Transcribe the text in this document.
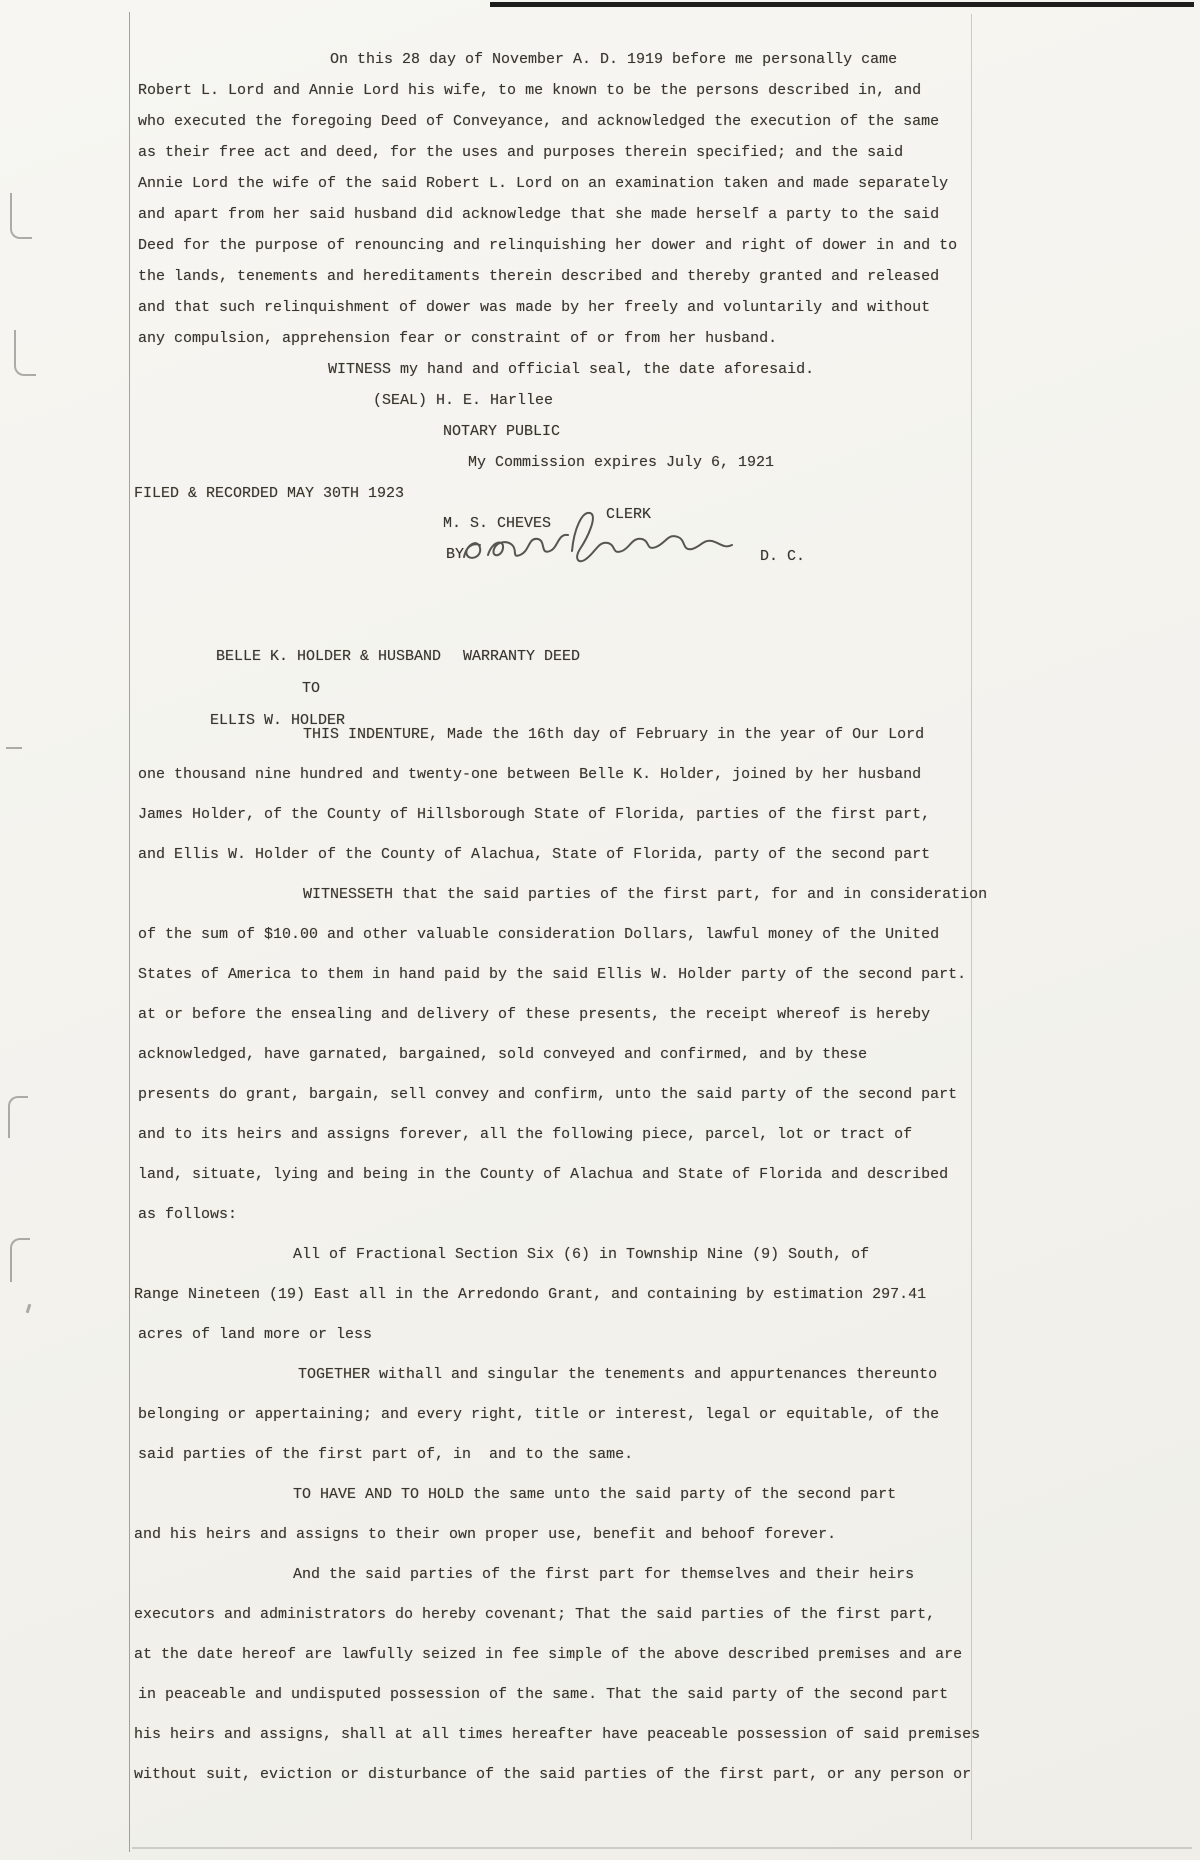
On this 28 day of November A. D. 1919 before me personally came
Robert L. Lord and Annie Lord his wife, to me known to be the persons described in, and
who executed the foregoing Deed of Conveyance, and acknowledged the execution of the same
as their free act and deed, for the uses and purposes therein specified; and the said
Annie Lord the wife of the said Robert L. Lord on an examination taken and made separately
and apart from her said husband did acknowledge that she made herself a party to the said
Deed for the purpose of renouncing and relinquishing her dower and right of dower in and to
the lands, tenements and hereditaments therein described and thereby granted and released
and that such relinquishment of dower was made by her freely and voluntarily and without
any compulsion, apprehension fear or constraint of or from her husband.
WITNESS my hand and official seal, the date aforesaid.
(SEAL) H. E. Harllee
NOTARY PUBLIC
My Commission expires July 6, 1921
FILED & RECORDED MAY 30TH 1923
M. S. CHEVES
CLERK
BY	D. C.

BELLE K. HOLDER & HUSBAND

TO

WARRANTY DEED

ELLIS W. HOLDER

THIS INDENTURE, Made the 16th day of February in the year of Our Lord
one thousand nine hundred and twenty-one between Belle K. Holder, joined by her husband
James Holder, of the County of Hillsborough State of Florida, parties of the first part,
and Ellis W. Holder of the County of Alachua, State of Florida, party of the second part
WITNESSETH that the said parties of the first part, for and in consideration
of the sum of $10.00 and other valuable consideration Dollars, lawful money of the United
States of America to them in hand paid by the said Ellis W. Holder party of the second part.
at or before the ensealing and delivery of these presents, the receipt whereof is hereby
acknowledged, have garnated, bargained, sold conveyed and confirmed, and by these
presents do grant, bargain, sell convey and confirm, unto the said party of the second part
and to its heirs and assigns forever, all the following piece, parcel, lot or tract of
land, situate, lying and being in the County of Alachua and State of Florida and described
as follows:
All of Fractional Section Six (6) in Township Nine (9) South, of
Range Nineteen (19) East all in the Arredondo Grant, and containing by estimation 297.41
acres of land more or less
TOGETHER withall and singular the tenements and appurtenances thereunto
belonging or appertaining; and every right, title or interest, legal or equitable, of the
said parties of the first part of, in  and to the same.
TO HAVE AND TO HOLD the same unto the said party of the second part
and his heirs and assigns to their own proper use, benefit and behoof forever.
And the said parties of the first part for themselves and their heirs
executors and administrators do hereby covenant; That the said parties of the first part,
at the date hereof are lawfully seized in fee simple of the above described premises and are
in peaceable and undisputed possession of the same. That the said party of the second part
his heirs and assigns, shall at all times hereafter have peaceable possession of said premises
without suit, eviction or disturbance of the said parties of the first part, or any person or
